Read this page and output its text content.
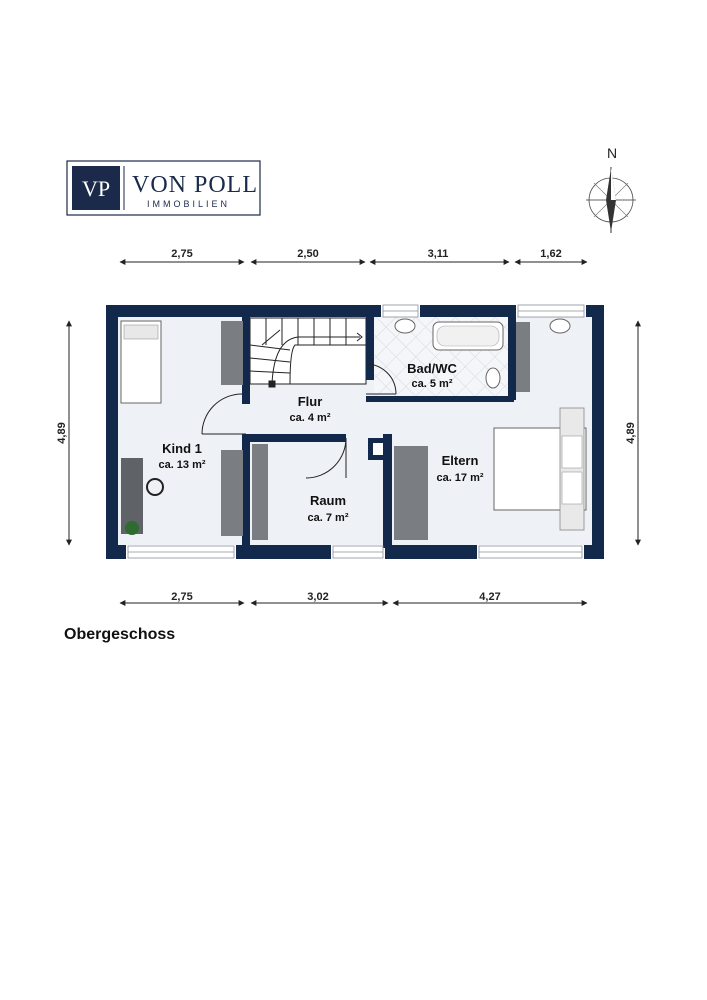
VP VON POLL
IMMOBILIEN
N
2,75	2,50	3,11	1,62
2,75	3,02	4,27
4,89	4,89
Kind 1
ca. 13 m²
Flur
ca. 4 m²
Bad/WC
ca. 5 m²
Raum
ca. 7 m²
Eltern
ca. 17 m²
Obergeschoss
